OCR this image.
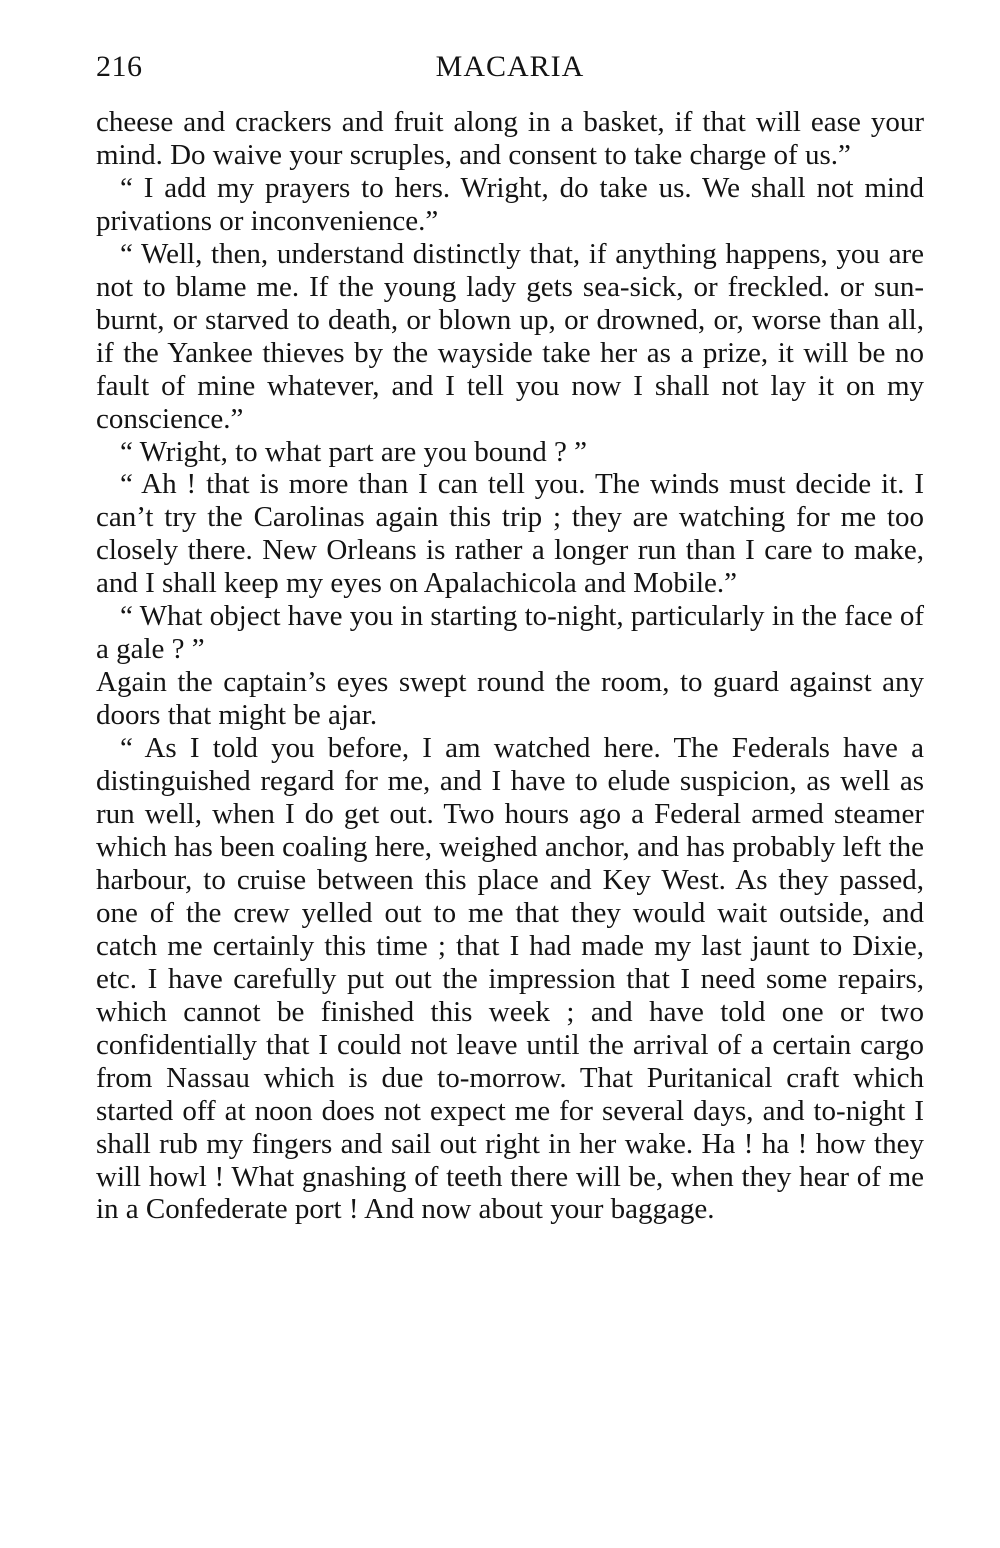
216	MACARIA

cheese and crackers and fruit along in a basket, if that will ease your mind. Do waive your scruples, and consent to take charge of us.”

“ I add my prayers to hers. Wright, do take us. We shall not mind privations or inconvenience.”

“ Well, then, understand distinctly that, if anything happens, you are not to blame me. If the young lady gets sea-sick, or freckled. or sun-burnt, or starved to death, or blown up, or drowned, or, worse than all, if the Yankee thieves by the wayside take her as a prize, it will be no fault of mine whatever, and I tell you now I shall not lay it on my conscience.”

“ Wright, to what part are you bound ? ”

“ Ah ! that is more than I can tell you. The winds must decide it. I can’t try the Carolinas again this trip ; they are watching for me too closely there. New Orleans is rather a longer run than I care to make, and I shall keep my eyes on Apalachicola and Mobile.”

“ What object have you in starting to-night, particularly in the face of a gale ? ”

Again the captain’s eyes swept round the room, to guard against any doors that might be ajar.

“ As I told you before, I am watched here. The Federals have a distinguished regard for me, and I have to elude suspicion, as well as run well, when I do get out. Two hours ago a Federal armed steamer which has been coaling here, weighed anchor, and has probably left the harbour, to cruise between this place and Key West. As they passed, one of the crew yelled out to me that they would wait outside, and catch me certainly this time ; that I had made my last jaunt to Dixie, etc. I have carefully put out the impression that I need some repairs, which cannot be finished this week ; and have told one or two confidentially that I could not leave until the arrival of a certain cargo from Nassau which is due to-morrow. That Puritanical craft which started off at noon does not expect me for several days, and to-night I shall rub my fingers and sail out right in her wake. Ha ! ha ! how they will howl ! What gnashing of teeth there will be, when they hear of me in a Confederate port ! And now about your baggage.
